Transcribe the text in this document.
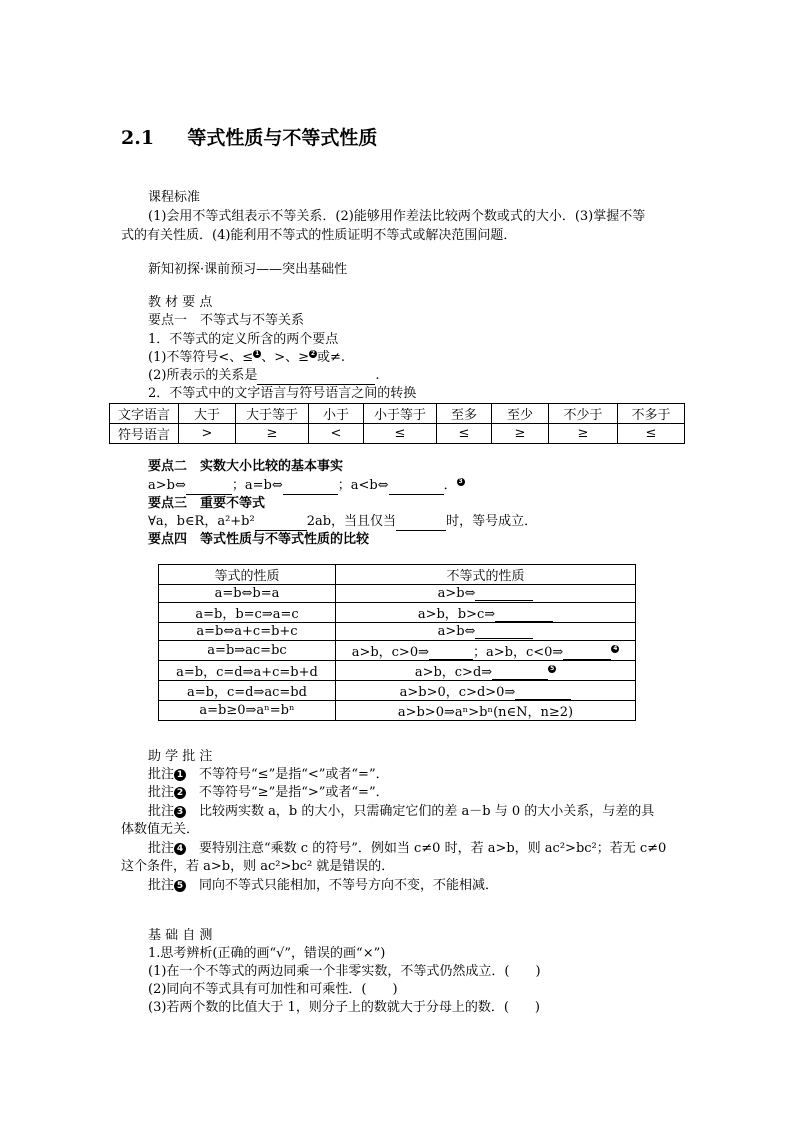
2.1 等式性质与不等式性质
课程标准
(1)会用不等式组表示不等关系．(2)能够用作差法比较两个数或式的大小．(3)掌握不等
式的有关性质．(4)能利用不等式的性质证明不等式或解决范围问题．
新知初探·课前预习——突出基础性
教 材 要 点
要点一　不等式与不等关系
1．不等式的定义所含的两个要点
(1)不等符号<、≤ 1 、>、≥ 2 或≠.
(2)所表示的关系是	.
2．不等式中的文字语言与符号语言之间的转换
文字语言	大于	大于等于	小于	小于等于	至多	至少	不少于	不多于
符号语言	>	≥	<	≤	≤	≥	≥	≤
要点二　实数大小比较的基本事实
a>b⇔	；a=b⇔	；a<b⇔	． 3
要点三　重要不等式
∀a，b∈R，a²+b²	2ab，当且仅当	时，等号成立．
要点四　等式性质与不等式性质的比较
等式的性质	不等式的性质
a=b⇔b=a	a>b⇔
a=b，b=c⇒a=c	a>b，b>c⇒
a=b⇔a+c=b+c	a>b⇔
a=b⇒ac=bc	a>b，c>0⇒ ；a>b，c<0⇒ 4
a=b，c=d⇒a+c=b+d	a>b，c>d⇒ 5
a=b，c=d⇒ac=bd	a>b>0，c>d>0⇒
a=b≥0⇒aⁿ=bⁿ	a>b>0⇒aⁿ>bⁿ(n∈N，n≥2)
助 学 批 注
批注 1　 不等符号“≤”是指“<”或者“=”．
批注 2　 不等符号“≥”是指“>”或者“=”．
批注 3　 比较两实数 a，b 的大小，只需确定它们的差 a－b 与 0 的大小关系，与差的具
体数值无关．
批注 4　 要特别注意“乘数 c 的符号”．例如当 c≠0 时，若 a>b，则 ac²>bc²；若无 c≠0
这个条件，若 a>b，则 ac²>bc² 就是错误的．
批注 5　 同向不等式只能相加，不等号方向不变，不能相减．
基 础 自 测
1.思考辨析(正确的画“√”，错误的画“×”)
(1)在一个不等式的两边同乘一个非零实数，不等式仍然成立．(　　)
(2)同向不等式具有可加性和可乘性．(　　)
(3)若两个数的比值大于 1，则分子上的数就大于分母上的数．(　　)
